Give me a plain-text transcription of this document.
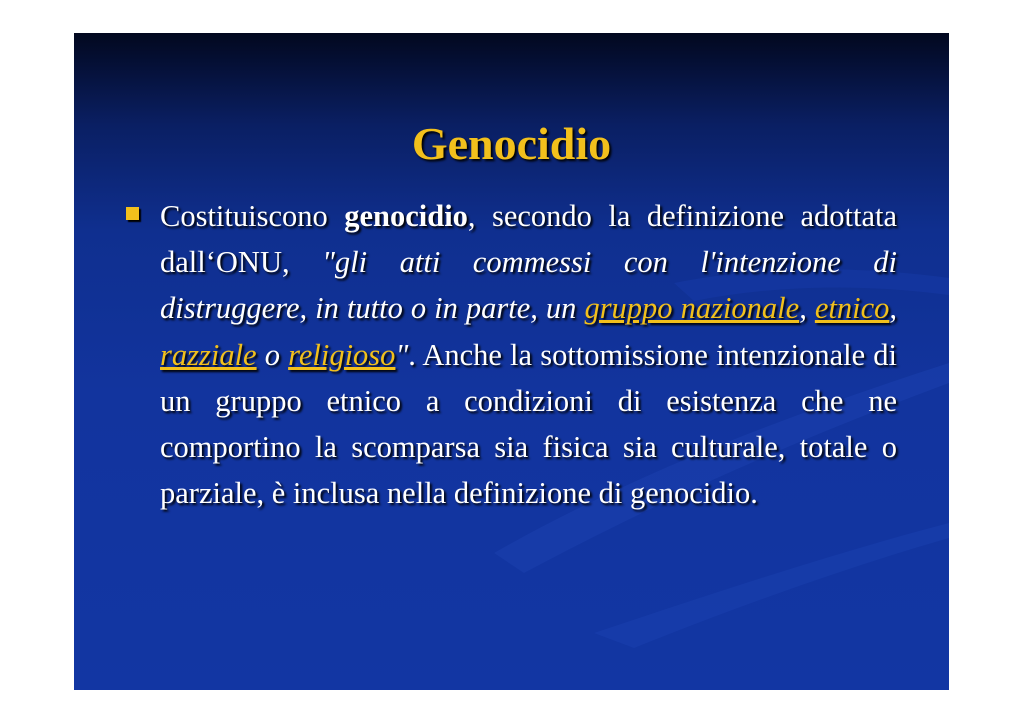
Genocidio
Costituiscono genocidio, secondo la definizione adottata dall‘ONU, "gli atti commessi con l'intenzione di distruggere, in tutto o in parte, un gruppo nazionale, etnico, razziale o religioso". Anche la sottomissione intenzionale di un gruppo etnico a condizioni di esistenza che ne comportino la scomparsa sia fisica sia culturale, totale o parziale, è inclusa nella definizione di genocidio.
